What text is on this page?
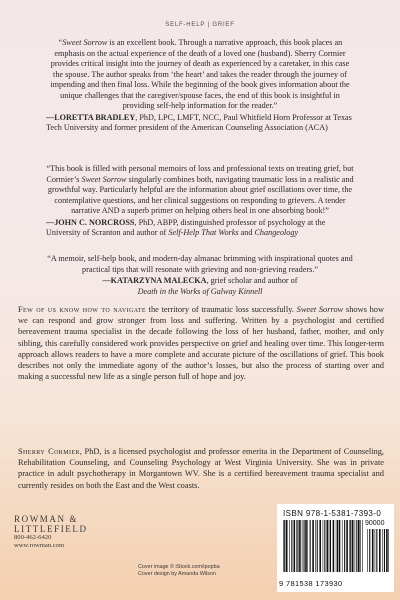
SELF-HELP | GRIEF

“Sweet Sorrow is an excellent book. Through a narrative approach, this book places an emphasis on the actual experience of the death of a loved one (husband). Sherry Cormier provides critical insight into the journey of death as experienced by a caretaker, in this case the spouse. The author speaks from ‘the heart’ and takes the reader through the journey of impending and then final loss. While the beginning of the book gives information about the unique challenges that the caregiver/spouse faces, the end of this book is insightful in providing self-help information for the reader.”

—LORETTA BRADLEY, PhD, LPC, LMFT, NCC, Paul Whitfield Horn Professor at Texas Tech University and former president of the American Counseling Association (ACA)

“This book is filled with personal memoirs of loss and professional texts on treating grief, but Cormier’s Sweet Sorrow singularly combines both, navigating traumatic loss in a realistic and growthful way. Particularly helpful are the information about grief oscillations over time, the contemplative questions, and her clinical suggestions on responding to grievers. A tender narrative AND a superb primer on helping others heal in one absorbing book!”

—JOHN C. NORCROSS, PhD, ABPP, distinguished professor of psychology at the University of Scranton and author of Self-Help That Works and Changeology

“A memoir, self-help book, and modern-day almanac brimming with inspirational quotes and practical tips that will resonate with grieving and non-grieving readers.”

—KATARZYNA MALECKA, grief scholar and author of
Death in the Works of Galway Kinnell

Few of us know how to navigate the territory of traumatic loss successfully. Sweet Sorrow shows how we can respond and grow stronger from loss and suffering. Written by a psychologist and certified bereavement trauma specialist in the decade following the loss of her husband, father, mother, and only sibling, this carefully considered work provides perspective on grief and healing over time. This longer-term approach allows readers to have a more complete and accurate picture of the oscillations of grief. This book describes not only the immediate agony of the author’s losses, but also the process of starting over and making a successful new life as a single person full of hope and joy.

Sherry Cormier, PhD, is a licensed psychologist and professor emerita in the Department of Counseling, Rehabilitation Counseling, and Counseling Psychology at West Virginia University. She was in private practice in adult psychotherapy in Morgantown WV. She is a certified bereavement trauma specialist and currently resides on both the East and the West coasts.

ROWMAN &
LITTLEFIELD
800-462-6420
www.rowman.com
Cover image © iStock.com/ipopba
Cover design by Amanda Wilson
ISBN 978-1-5381-7393-0
90000
9 781538 173930
